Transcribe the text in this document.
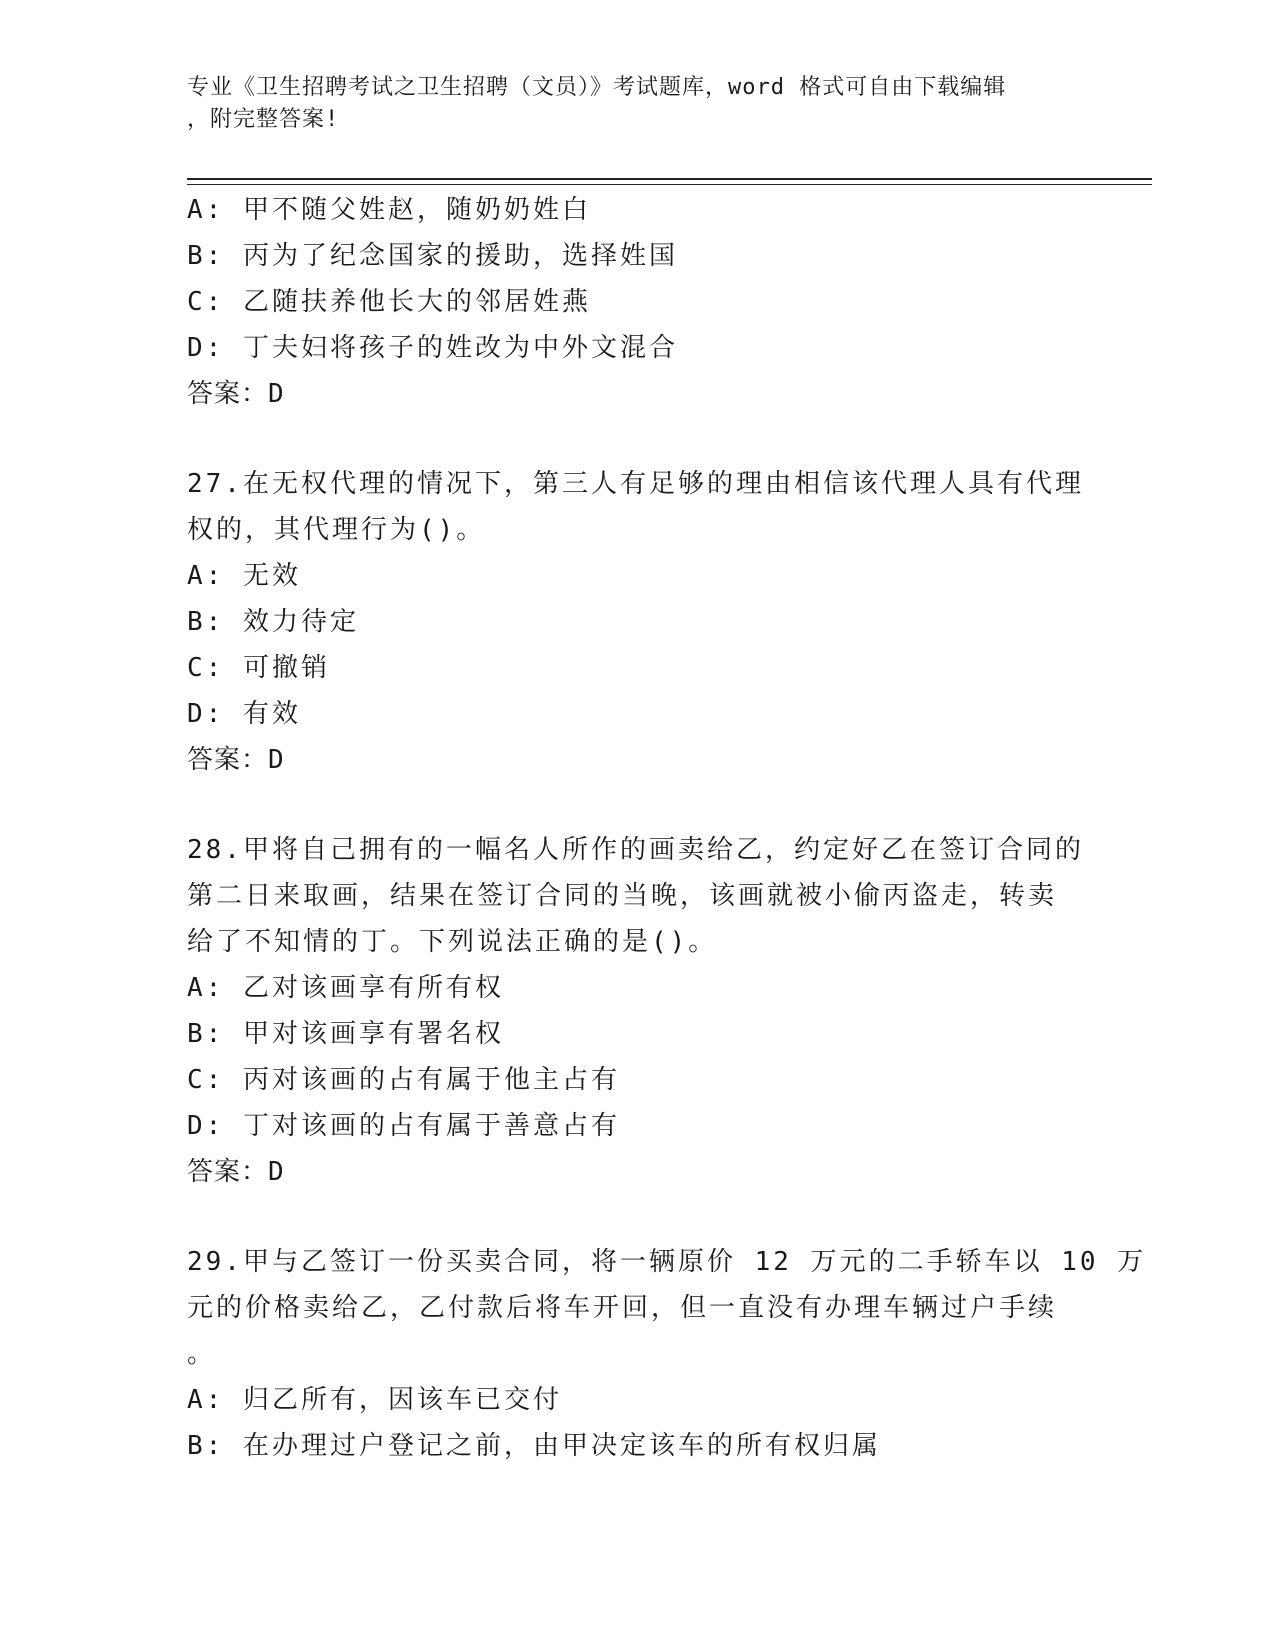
专业《卫生招聘考试之卫生招聘（文员）》考试题库，word 格式可自由下载编辑
，附完整答案!
A: 甲不随父姓赵，随奶奶姓白
B: 丙为了纪念国家的援助，选择姓国
C: 乙随扶养他长大的邻居姓燕
D: 丁夫妇将孩子的姓改为中外文混合
答案：D
27.在无权代理的情况下，第三人有足够的理由相信该代理人具有代理
权的，其代理行为()。
A: 无效
B: 效力待定
C: 可撤销
D: 有效
答案：D
28.甲将自己拥有的一幅名人所作的画卖给乙，约定好乙在签订合同的
第二日来取画，结果在签订合同的当晚，该画就被小偷丙盗走，转卖
给了不知情的丁。下列说法正确的是()。
A: 乙对该画享有所有权
B: 甲对该画享有署名权
C: 丙对该画的占有属于他主占有
D: 丁对该画的占有属于善意占有
答案：D
29.甲与乙签订一份买卖合同，将一辆原价 12 万元的二手轿车以 10 万
元的价格卖给乙，乙付款后将车开回，但一直没有办理车辆过户手续
。
A: 归乙所有，因该车已交付
B: 在办理过户登记之前，由甲决定该车的所有权归属
